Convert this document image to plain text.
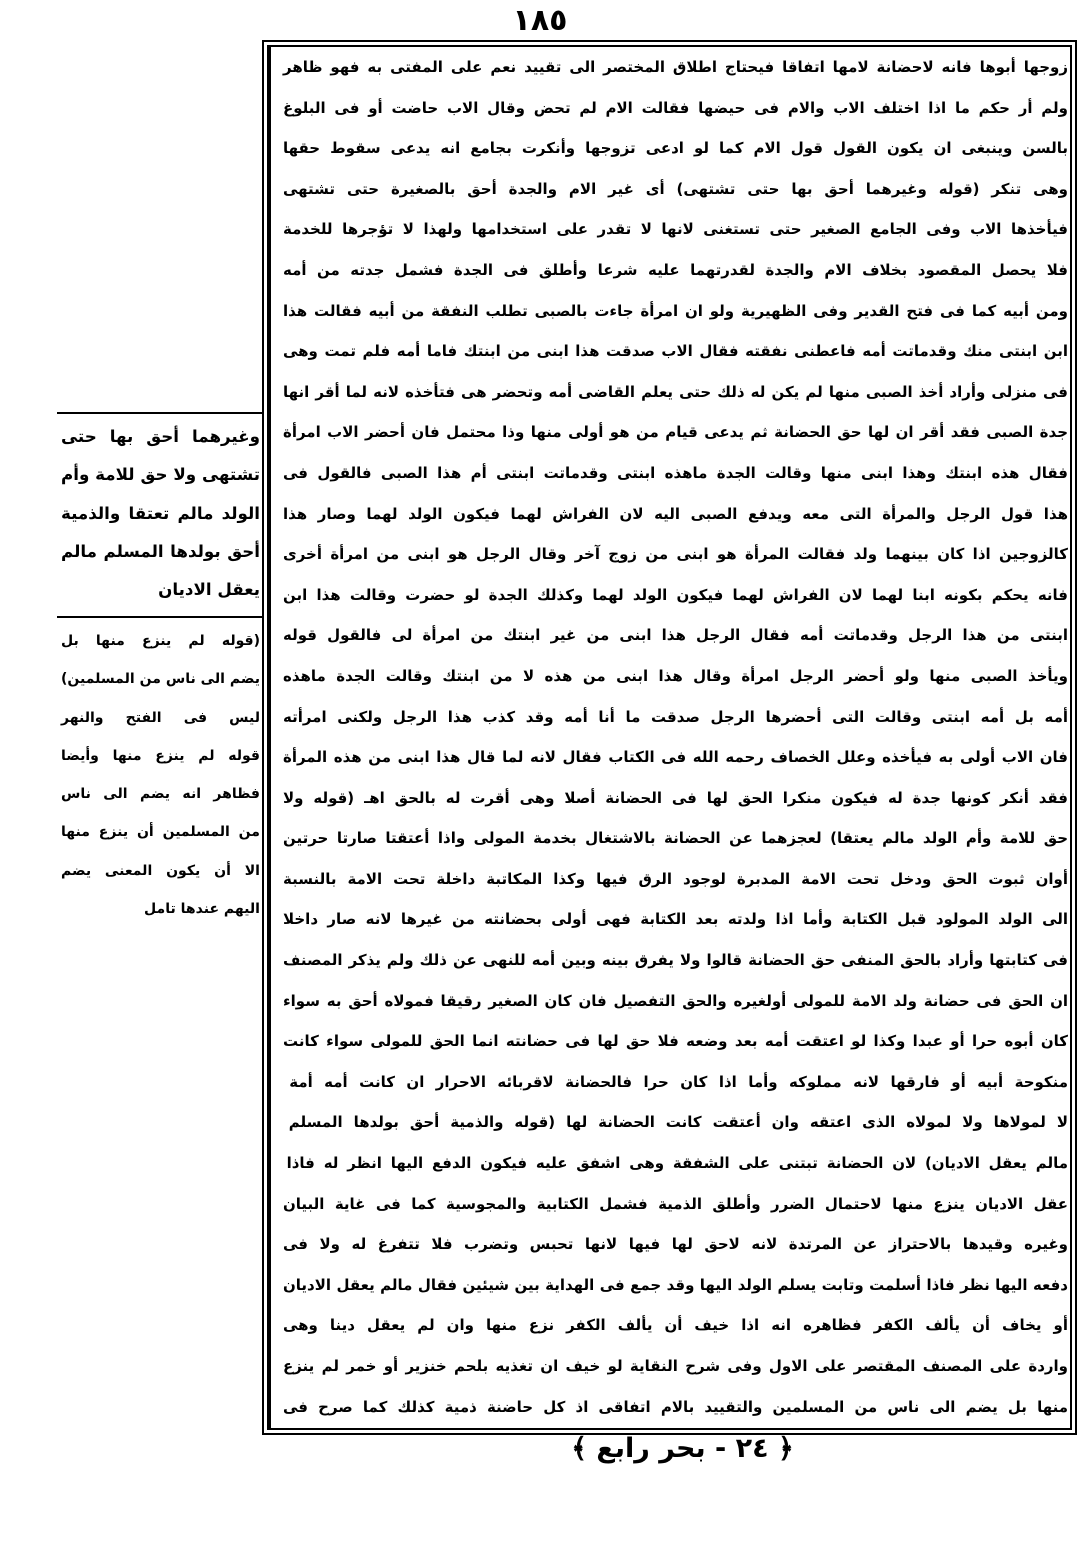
١٨٥
زوجها أبوها فانه لاحضانة لامها اتفاقا فيحتاج اطلاق المختصر الى تقييد نعم على المفتى به فهو ظاهر
ولم أر حكم ما اذا اختلف الاب والام فى حيضها فقالت الام لم تحض وقال الاب حاضت أو فى البلوغ
بالسن وينبغى ان يكون القول قول الام كما لو ادعى تزوجها وأنكرت بجامع انه يدعى سقوط حقها
وهى تنكر (قوله وغيرهما أحق بها حتى تشتهى) أى غير الام والجدة أحق بالصغيرة حتى تشتهى
فيأخذها الاب وفى الجامع الصغير حتى تستغنى لانها لا تقدر على استخدامها ولهذا لا تؤجرها للخدمة
فلا يحصل المقصود بخلاف الام والجدة لقدرتهما عليه شرعا وأطلق فى الجدة فشمل جدته من أمه
ومن أبيه كما فى فتح القدير وفى الظهيرية ولو ان امرأة جاءت بالصبى تطلب النفقة من أبيه فقالت هذا
ابن ابنتى منك وقدماتت أمه فاعطنى نفقته فقال الاب صدقت هذا ابنى من ابنتك فاما أمه فلم تمت وهى
فى منزلى وأراد أخذ الصبى منها لم يكن له ذلك حتى يعلم القاضى أمه وتحضر هى فتأخذه لانه لما أقر انها
جدة الصبى فقد أقر ان لها حق الحضانة ثم يدعى قيام من هو أولى منها وذا محتمل فان أحضر الاب امرأة
فقال هذه ابنتك وهذا ابنى منها وقالت الجدة ماهذه ابنتى وقدماتت ابنتى أم هذا الصبى فالقول فى
هذا قول الرجل والمرأة التى معه ويدفع الصبى اليه لان الفراش لهما فيكون الولد لهما وصار هذا
كالزوجين اذا كان بينهما ولد فقالت المرأة هو ابنى من زوج آخر وقال الرجل هو ابنى من امرأة أخرى
فانه يحكم بكونه ابنا لهما لان الفراش لهما فيكون الولد لهما وكذلك الجدة لو حضرت وقالت هذا ابن
ابنتى من هذا الرجل وقدماتت أمه فقال الرجل هذا ابنى من غير ابنتك من امرأة لى فالقول قوله
ويأخذ الصبى منها ولو أحضر الرجل امرأة وقال هذا ابنى من هذه لا من ابنتك وقالت الجدة ماهذه
أمه بل أمه ابنتى وقالت التى أحضرها الرجل صدقت ما أنا أمه وقد كذب هذا الرجل ولكنى امرأته
فان الاب أولى به فيأخذه وعلل الخصاف رحمه الله فى الكتاب فقال لانه لما قال هذا ابنى من هذه المرأة
فقد أنكر كونها جدة له فيكون منكرا الحق لها فى الحضانة أصلا وهى أقرت له بالحق اهـ (قوله ولا
حق للامة وأم الولد مالم يعتقا) لعجزهما عن الحضانة بالاشتغال بخدمة المولى واذا أعتقتا صارتا حرتين
أوان ثبوت الحق ودخل تحت الامة المدبرة لوجود الرق فيها وكذا المكاتبة داخلة تحت الامة بالنسبة
الى الولد المولود قبل الكتابة وأما اذا ولدته بعد الكتابة فهى أولى بحضانته من غيرها لانه صار داخلا
فى كتابتها وأراد بالحق المنفى حق الحضانة قالوا ولا يفرق بينه وبين أمه للنهى عن ذلك ولم يذكر المصنف
ان الحق فى حضانة ولد الامة للمولى أولغيره والحق التفصيل فان كان الصغير رقيقا فمولاه أحق به سواء
كان أبوه حرا أو عبدا وكذا لو اعتقت أمه بعد وضعه فلا حق لها فى حضانته انما الحق للمولى سواء كانت
منكوحة أبيه أو فارقها لانه مملوكه وأما اذا كان حرا فالحضانة لاقربائه الاحرار ان كانت أمه أمة
لا لمولاها ولا لمولاه الذى اعتقه وان أعتقت كانت الحضانة لها (قوله والذمية أحق بولدها المسلم
مالم يعقل الاديان) لان الحضانة تبتنى على الشفقة وهى اشفق عليه فيكون الدفع اليها انظر له فاذا
عقل الاديان ينزع منها لاحتمال الضرر وأطلق الذمية فشمل الكتابية والمجوسية كما فى غاية البيان
وغيره وقيدها بالاحتراز عن المرتدة لانه لاحق لها فيها لانها تحبس وتضرب فلا تتفرغ له ولا فى
دفعه اليها نظر فاذا أسلمت وتابت يسلم الولد اليها وقد جمع فى الهداية بين شيئين فقال مالم يعقل الاديان
أو يخاف أن يألف الكفر فظاهره انه اذا خيف أن يألف الكفر نزع منها وان لم يعقل دينا وهى
واردة على المصنف المقتصر على الاول وفى شرح النقاية لو خيف ان تغذيه بلحم خنزير أو خمر لم ينزع
منها بل يضم الى ناس من المسلمين والتقييد بالام اتفاقى اذ كل حاضنة ذمية كذلك كما صرح فى
وغيرهما أحق بها حتى
تشتهى ولا حق للامة وأم
الولد مالم تعتقا والذمية
أحق بولدها المسلم مالم
يعقل الاديان
(قوله لم ينزع منها بل
يضم الى ناس من المسلمين)
ليس فى الفتح والنهر
قوله لم ينزع منها وأيضا
فظاهر انه يضم الى ناس
من المسلمين أن ينزع منها
الا أن يكون المعنى يضم
اليهم عندها تامل
﴿ ٢٤ - بحر رابع ﴾
